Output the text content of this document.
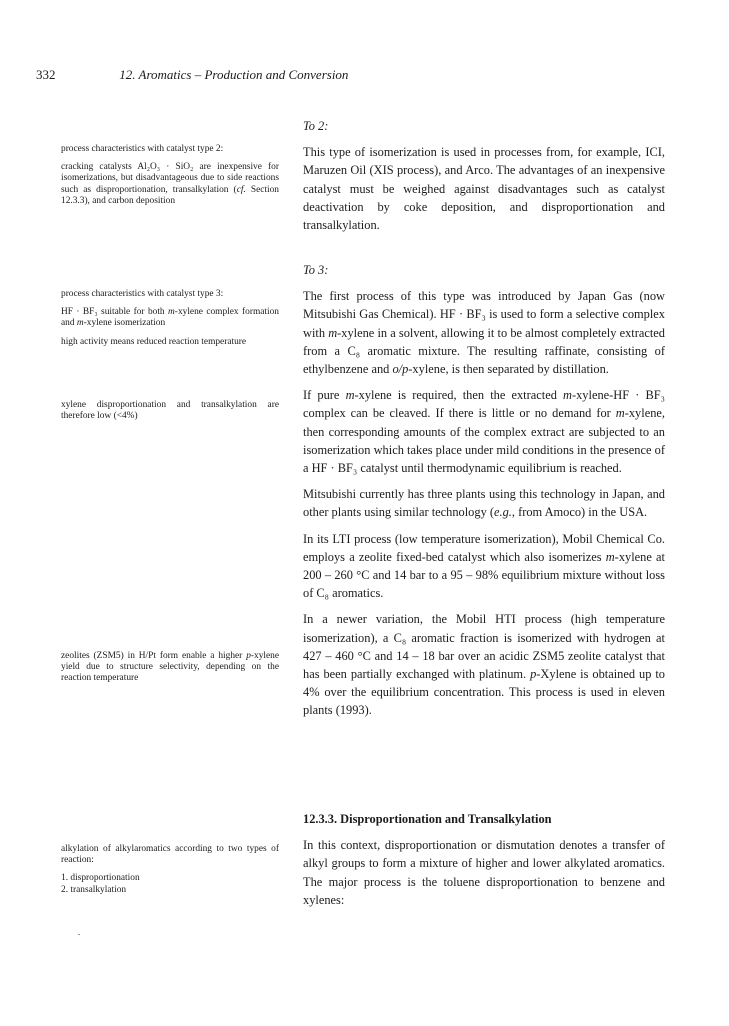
332	12. Aromatics – Production and Conversion

process characteristics with catalyst type 2:

cracking catalysts Al₂O₃ · SiO₂ are inexpensive for isomerizations, but disadvantageous due to side reactions such as disproportionation, transalkylation (cf. Section 12.3.3), and carbon deposition

process characteristics with catalyst type 3:

HF · BF₃ suitable for both m-xylene complex formation and m-xylene isomerization

high activity means reduced reaction temperature

xylene disproportionation and transalkylation are therefore low (<4%)

zeolites (ZSM5) in H/Pt form enable a higher p-xylene yield due to structure selectivity, depending on the reaction temperature

alkylation of alkylaromatics according to two types of reaction:

1. disproportionation
2. transalkylation

To 2:

This type of isomerization is used in processes from, for example, ICI, Maruzen Oil (XIS process), and Arco. The advantages of an inexpensive catalyst must be weighed against disadvantages such as catalyst deactivation by coke deposition, and disproportionation and transalkylation.

To 3:

The first process of this type was introduced by Japan Gas (now Mitsubishi Gas Chemical). HF · BF₃ is used to form a selective complex with m-xylene in a solvent, allowing it to be almost completely extracted from a C₈ aromatic mixture. The resulting raffinate, consisting of ethylbenzene and o/p-xylene, is then separated by distillation.

If pure m-xylene is required, then the extracted m-xylene-HF · BF₃ complex can be cleaved. If there is little or no demand for m-xylene, then corresponding amounts of the complex extract are subjected to an isomerization which takes place under mild conditions in the presence of a HF · BF₃ catalyst until thermodynamic equilibrium is reached.

Mitsubishi currently has three plants using this technology in Japan, and other plants using similar technology (e.g., from Amoco) in the USA.

In its LTI process (low temperature isomerization), Mobil Chemical Co. employs a zeolite fixed-bed catalyst which also isomerizes m-xylene at 200 – 260 °C and 14 bar to a 95 – 98% equilibrium mixture without loss of C₈ aromatics.

In a newer variation, the Mobil HTI process (high temperature isomerization), a C₈ aromatic fraction is isomerized with hydrogen at 427 – 460 °C and 14 – 18 bar over an acidic ZSM5 zeolite catalyst that has been partially exchanged with platinum. p-Xylene is obtained up to 4% over the equilibrium concentration. This process is used in eleven plants (1993).

12.3.3. Disproportionation and Transalkylation

In this context, disproportionation or dismutation denotes a transfer of alkyl groups to form a mixture of higher and lower alkylated aromatics. The major process is the toluene disproportionation to benzene and xylenes:
